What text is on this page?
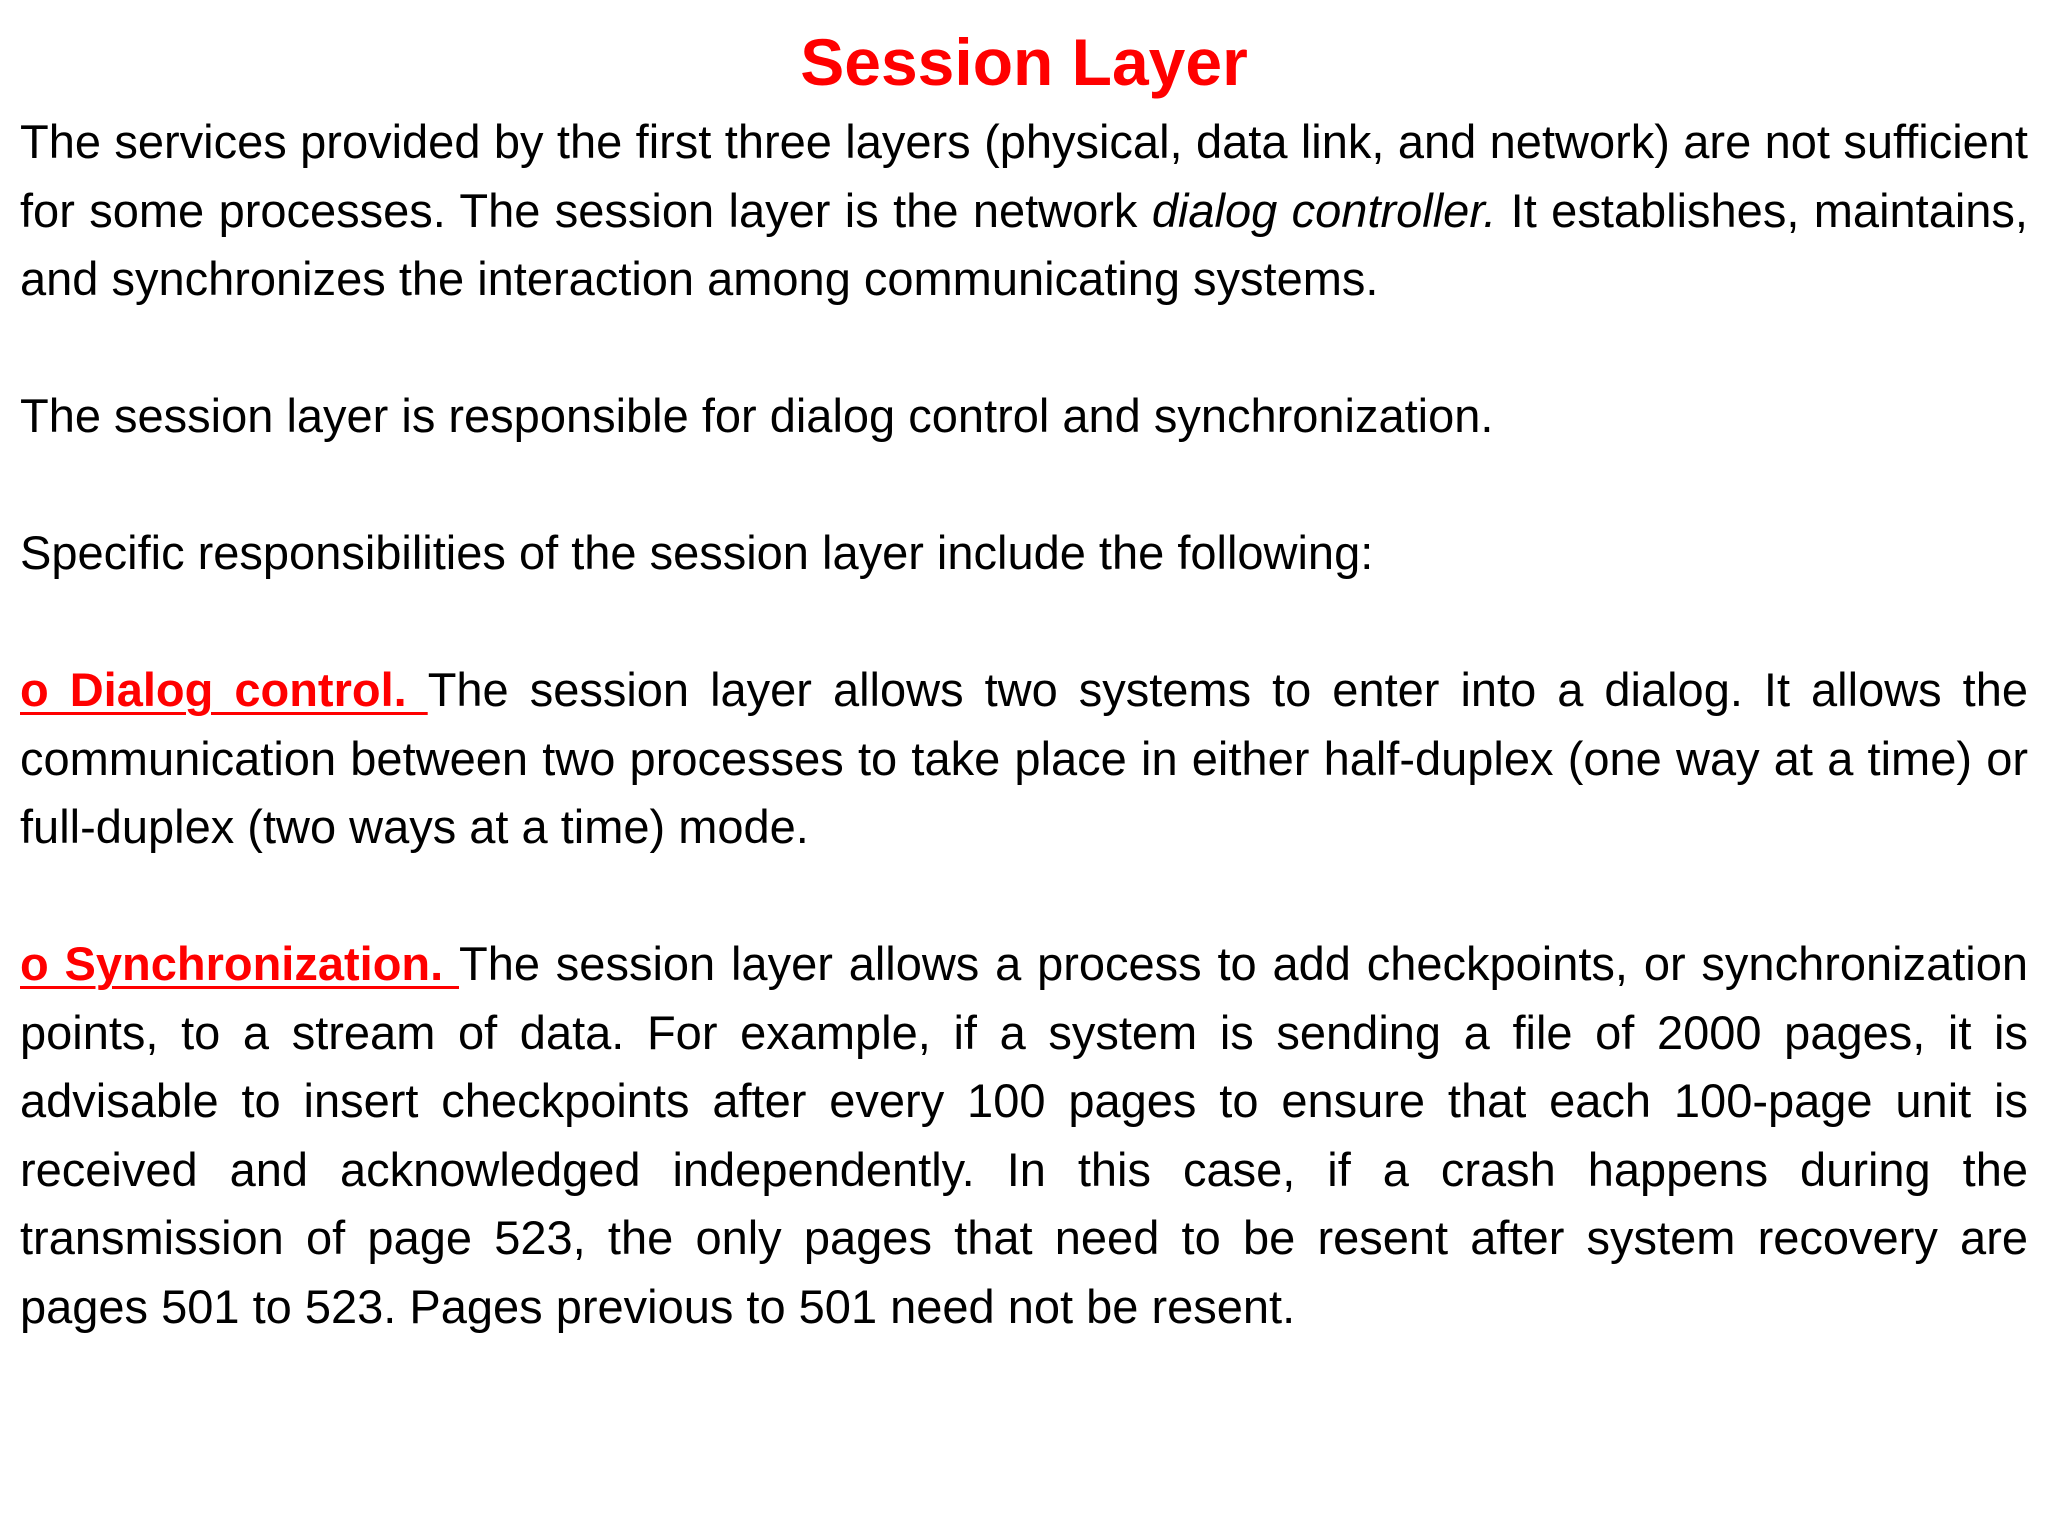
Session Layer

The services provided by the first three layers (physical, data link, and network) are not sufficient for some processes. The session layer is the network dialog controller. It establishes, maintains, and synchronizes the interaction among communicating systems.

The session layer is responsible for dialog control and synchronization.

Specific responsibilities of the session layer include the following:

o Dialog control. The session layer allows two systems to enter into a dialog. It allows the communication between two processes to take place in either half-duplex (one way at a time) or full-duplex (two ways at a time) mode.

o Synchronization. The session layer allows a process to add checkpoints, or synchronization points, to a stream of data. For example, if a system is sending a file of 2000 pages, it is advisable to insert checkpoints after every 100 pages to ensure that each 100-page unit is received and acknowledged independently. In this case, if a crash happens during the transmission of page 523, the only pages that need to be resent after system recovery are pages 501 to 523. Pages previous to 501 need not be resent.
